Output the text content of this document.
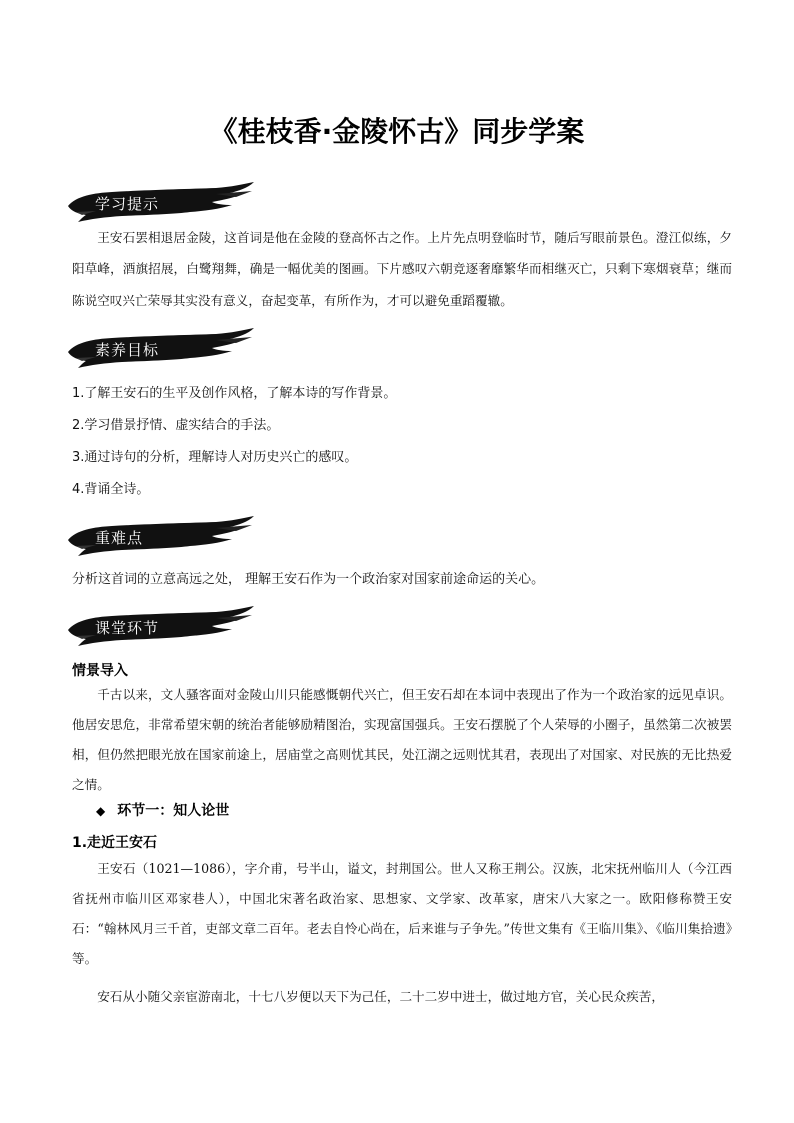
《桂枝香·金陵怀古》同步学案
学习提示

王安石罢相退居金陵，这首词是他在金陵的登高怀古之作。上片先点明登临时节，随后写眼前景色。澄江似练，夕阳草峰，酒旗招展，白鹭翔舞，确是一幅优美的图画。下片感叹六朝竞逐奢靡繁华而相继灭亡，只剩下寒烟衰草；继而陈说空叹兴亡荣辱其实没有意义，奋起变革，有所作为，才可以避免重蹈覆辙。

素养目标
1.了解王安石的生平及创作风格，了解本诗的写作背景。
2.学习借景抒情、虚实结合的手法。
3.通过诗句的分析，理解诗人对历史兴亡的感叹。
4.背诵全诗。
重难点
分析这首词的立意高远之处， 理解王安石作为一个政治家对国家前途命运的关心。
课堂环节
情景导入

千古以来，文人骚客面对金陵山川只能感慨朝代兴亡，但王安石却在本词中表现出了作为一个政治家的远见卓识。他居安思危，非常希望宋朝的统治者能够励精图治，实现富国强兵。王安石摆脱了个人荣辱的小圈子，虽然第二次被罢相，但仍然把眼光放在国家前途上，居庙堂之高则忧其民，处江湖之远则忧其君，表现出了对国家、对民族的无比热爱之情。

◆ 环节一：知人论世
1.走近王安石

王安石（1021—1086），字介甫，号半山，谥文，封荆国公。世人又称王荆公。汉族，北宋抚州临川人（今江西省抚州市临川区邓家巷人），中国北宋著名政治家、思想家、文学家、改革家，唐宋八大家之一。欧阳修称赞王安石：“翰林风月三千首，吏部文章二百年。老去自怜心尚在，后来谁与子争先。”传世文集有《王临川集》、《临川集拾遗》等。

安石从小随父亲宦游南北，十七八岁便以天下为己任，二十二岁中进士，做过地方官，关心民众疾苦，
